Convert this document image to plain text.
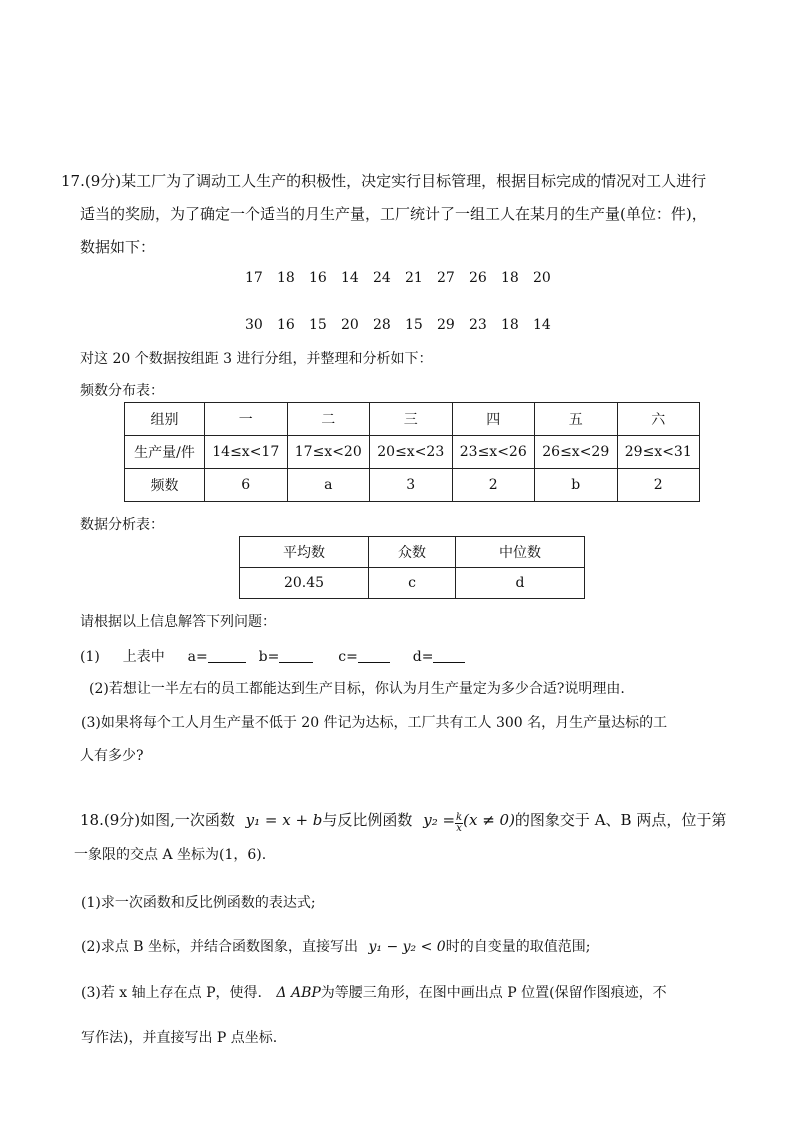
17.(9分)某工厂为了调动工人生产的积极性，决定实行目标管理，根据目标完成的情况对工人进行
适当的奖励，为了确定一个适当的月生产量，工厂统计了一组工人在某月的生产量(单位：件)，
数据如下：
17 18 16 14 24 21 27 26 18 20
30 16 15 20 28 15 29 23 18 14
对这 20 个数据按组距 3 进行分组，并整理和分析如下：
频数分布表：
组别	一	二	三	四	五	六
生产量/件	14≤x<17	17≤x<20	20≤x<23	23≤x<26	26≤x<29	29≤x<31
频数	6	a	3	2	b	2
数据分析表：
平均数	众数	中位数
20.45	c	d
请根据以上信息解答下列问题：
(1) 上表中 a=	b=	c=	d=
(2)若想让一半左右的员工都能达到生产目标，你认为月生产量定为多少合适?说明理由.
(3)如果将每个工人月生产量不低于 20 件记为达标，工厂共有工人 300 名，月生产量达标的工
人有多少?
18.(9分)如图,一次函数 y₁ = x + b与反比例函数 $y_2 = \frac{k}{x} (x \ne 0)$的图象交于 A、B 两点，位于第
一象限的交点 A 坐标为(1，6).
(1)求一次函数和反比例函数的表达式;
(2)求点 B 坐标，并结合函数图象，直接写出 y₁ − y₂ < 0时的自变量的取值范围;
(3)若 x 轴上存在点 P，使得. Δ ABP为等腰三角形，在图中画出点 P 位置(保留作图痕迹，不
写作法)，并直接写出 P 点坐标.
